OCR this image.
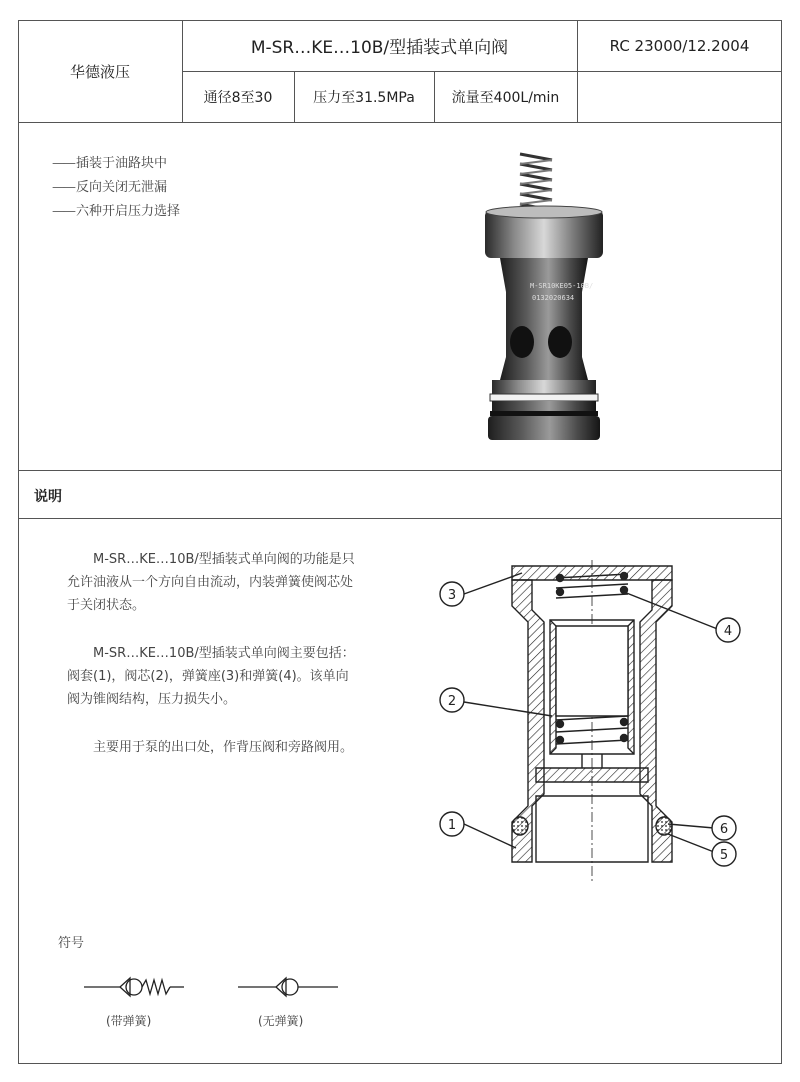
华德液压
M-SR…KE…10B/型插装式单向阀	RC 23000/12.2004
通径8至30	压力至31.5MPa	流量至400L/min
—— 插装于油路块中
—— 反向关闭无泄漏
—— 六种开启压力选择
M-SR10KE05-10B/
0132020634
说明

M-SR…KE…10B/型插装式单向阀的功能是只允许油液从一个方向自由流动，内装弹簧使阀芯处于关闭状态。

M-SR…KE…10B/型插装式单向阀主要包括：阀套(1)，阀芯(2)，弹簧座(3)和弹簧(4)。该单向阀为锥阀结构，压力损失小。

主要用于泵的出口处，作背压阀和旁路阀用。

3
4
2
1	6
5
符号
(带弹簧)	(无弹簧)
